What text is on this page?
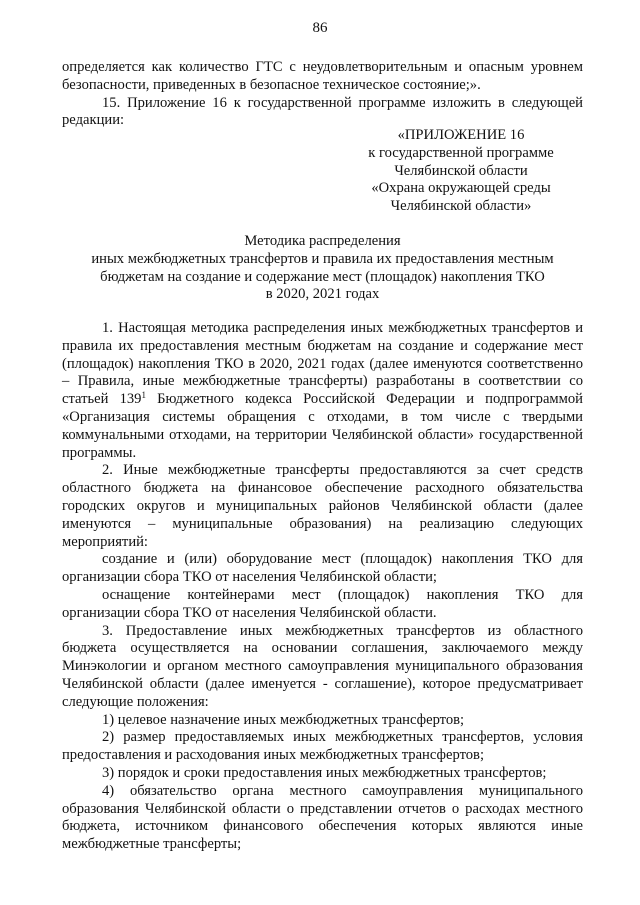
86

определяется как количество ГТС с неудовлетворительным и опасным уровнем безопасности, приведенных в безопасное техническое состояние;».

15. Приложение 16 к государственной программе изложить в следующей редакции:

«ПРИЛОЖЕНИЕ 16
к государственной программе
Челябинской области
«Охрана окружающей среды
Челябинской области»
Методика распределения
иных межбюджетных трансфертов и правила их предоставления местным
бюджетам на создание и содержание мест (площадок) накопления ТКО
в 2020, 2021 годах

1. Настоящая методика распределения иных межбюджетных трансфертов и правила их предоставления местным бюджетам на создание и содержание мест (площадок) накопления ТКО в 2020, 2021 годах (далее именуются соответственно – Правила, иные межбюджетные трансферты) разработаны в соответствии со статьей $139^1$ Бюджетного кодекса Российской Федерации и подпрограммой «Организация системы обращения с отходами, в том числе с твердыми коммунальными отходами, на территории Челябинской области» государственной программы.

2. Иные межбюджетные трансферты предоставляются за счет средств областного бюджета на финансовое обеспечение расходного обязательства городских округов и муниципальных районов Челябинской области (далее именуются – муниципальные образования) на реализацию следующих мероприятий:

создание и (или) оборудование мест (площадок) накопления ТКО для организации сбора ТКО от населения Челябинской области;

оснащение контейнерами мест (площадок) накопления ТКО для организации сбора ТКО от населения Челябинской области.

3. Предоставление иных межбюджетных трансфертов из областного бюджета осуществляется на основании соглашения, заключаемого между Минэкологии и органом местного самоуправления муниципального образования Челябинской области (далее именуется - соглашение), которое предусматривает следующие положения:

1) целевое назначение иных межбюджетных трансфертов;

2) размер предоставляемых иных межбюджетных трансфертов, условия предоставления и расходования иных межбюджетных трансфертов;

3) порядок и сроки предоставления иных межбюджетных трансфертов;

4) обязательство органа местного самоуправления муниципального образования Челябинской области о представлении отчетов о расходах местного бюджета, источником финансового обеспечения которых являются иные межбюджетные трансферты;
